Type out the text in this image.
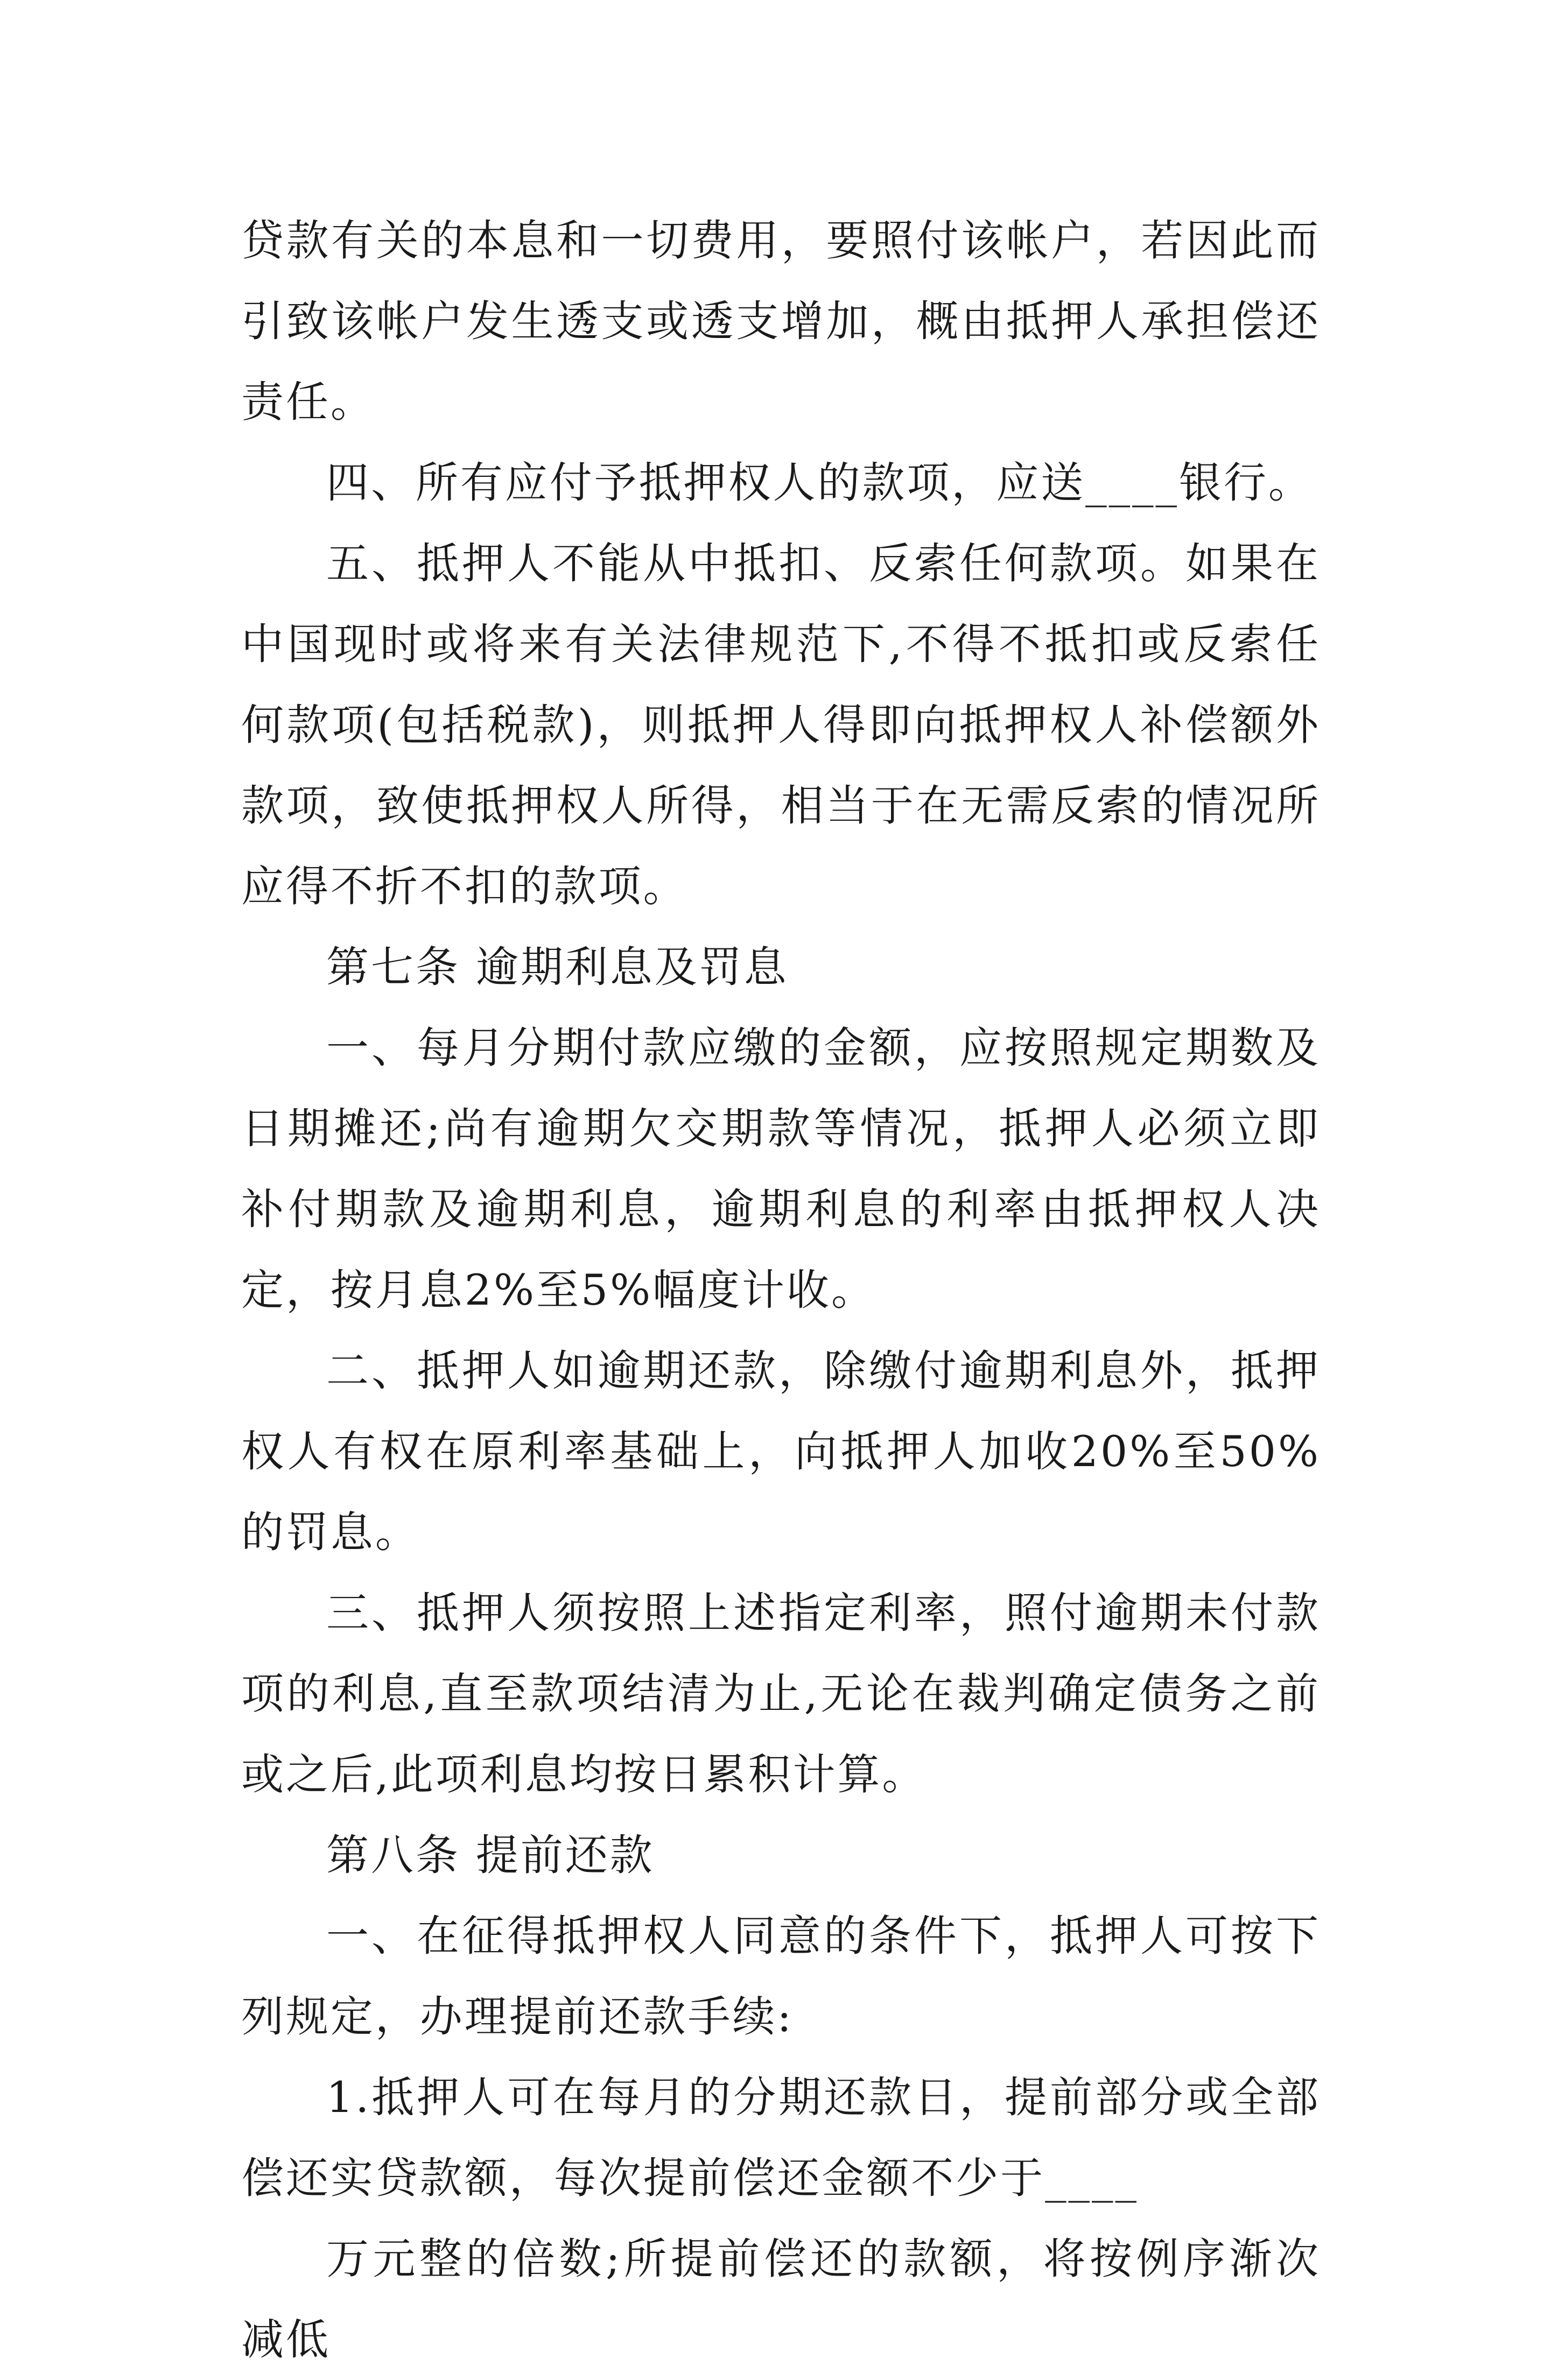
贷款有关的本息和一切费用，要照付该帐户，若因此而引致该帐户发生透支或透支增加，概由抵押人承担偿还责任。

四、所有应付予抵押权人的款项，应送____银行。

五、抵押人不能从中抵扣、反索任何款项。如果在中国现时或将来有关法律规范下,不得不抵扣或反索任何款项(包括税款)，则抵押人得即向抵押权人补偿额外款项，致使抵押权人所得，相当于在无需反索的情况所应得不折不扣的款项。

第七条 逾期利息及罚息

一、每月分期付款应缴的金额，应按照规定期数及日期摊还;尚有逾期欠交期款等情况，抵押人必须立即补付期款及逾期利息，逾期利息的利率由抵押权人决定，按月息2%至5%幅度计收。

二、抵押人如逾期还款，除缴付逾期利息外，抵押权人有权在原利率基础上，向抵押人加收20%至50%的罚息。

三、抵押人须按照上述指定利率，照付逾期未付款项的利息,直至款项结清为止,无论在裁判确定债务之前或之后,此项利息均按日累积计算。

第八条 提前还款

一、在征得抵押权人同意的条件下，抵押人可按下列规定，办理提前还款手续:

1.抵押人可在每月的分期还款日，提前部分或全部偿还实贷款额，每次提前偿还金额不少于____

万元整的倍数;所提前偿还的款额，将按例序渐次减低
